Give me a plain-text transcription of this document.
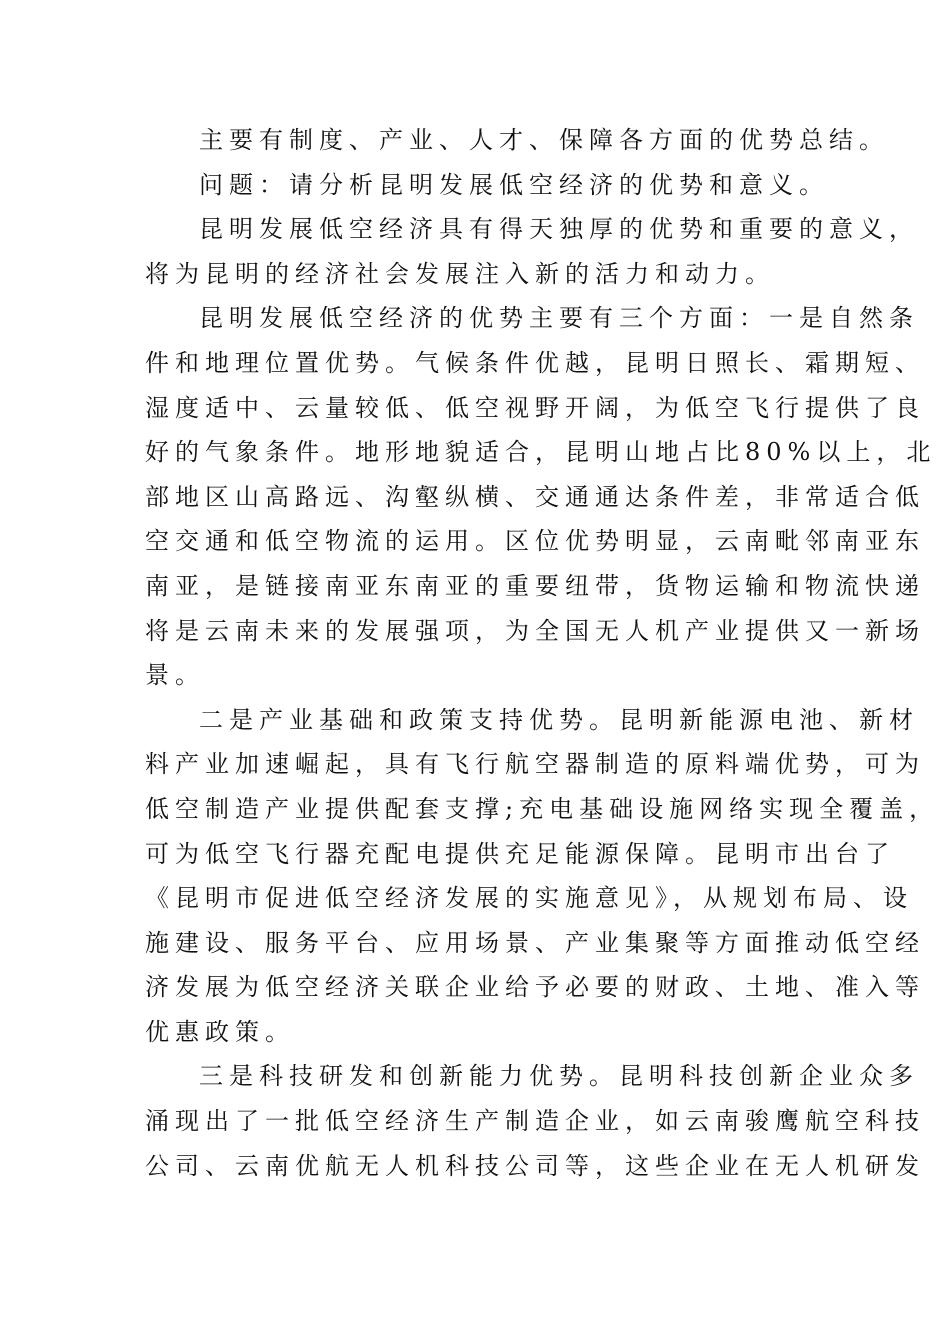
主要有制度、产业、人才、保障各方面的优势总结。
问题：请分析昆明发展低空经济的优势和意义。
昆明发展低空经济具有得天独厚的优势和重要的意义，
将为昆明的经济社会发展注入新的活力和动力。
昆明发展低空经济的优势主要有三个方面：一是自然条
件和地理位置优势。气候条件优越，昆明日照长、霜期短、
湿度适中、云量较低、低空视野开阔，为低空飞行提供了良
好的气象条件。地形地貌适合，昆明山地占比80%以上，北
部地区山高路远、沟壑纵横、交通通达条件差，非常适合低
空交通和低空物流的运用。区位优势明显，云南毗邻南亚东
南亚，是链接南亚东南亚的重要纽带，货物运输和物流快递
将是云南未来的发展强项，为全国无人机产业提供又一新场
景。
二是产业基础和政策支持优势。昆明新能源电池、新材
料产业加速崛起，具有飞行航空器制造的原料端优势，可为
低空制造产业提供配套支撑;充电基础设施网络实现全覆盖，
可为低空飞行器充配电提供充足能源保障。昆明市出台了
《昆明市促进低空经济发展的实施意见》，从规划布局、设
施建设、服务平台、应用场景、产业集聚等方面推动低空经
济发展为低空经济关联企业给予必要的财政、土地、准入等
优惠政策。
三是科技研发和创新能力优势。昆明科技创新企业众多
涌现出了一批低空经济生产制造企业，如云南骏鹰航空科技
公司、云南优航无人机科技公司等，这些企业在无人机研发
